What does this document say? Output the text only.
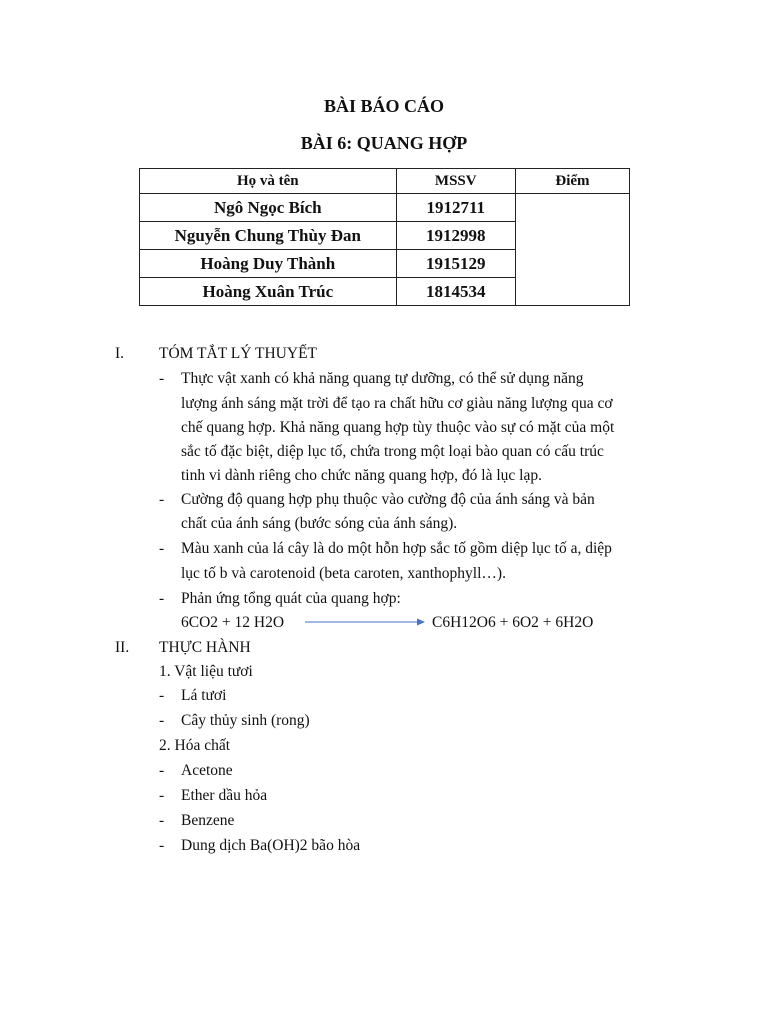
BÀI BÁO CÁO
BÀI 6: QUANG HỢP
Họ và tên	MSSV	Điểm
Ngô Ngọc Bích	1912711	
Nguyễn Chung Thùy Đan	1912998	
Hoàng Duy Thành	1915129	
Hoàng Xuân Trúc	1814534	
I. TÓM TẮT LÝ THUYẾT
- Thực vật xanh có khả năng quang tự dưỡng, có thể sử dụng năng
lượng ánh sáng mặt trời để tạo ra chất hữu cơ giàu năng lượng qua cơ
chế quang hợp. Khả năng quang hợp tùy thuộc vào sự có mặt của một
sắc tố đặc biệt, diệp lục tố, chứa trong một loại bào quan có cấu trúc
tinh vi dành riêng cho chức năng quang hợp, đó là lục lạp.
- Cường độ quang hợp phụ thuộc vào cường độ của ánh sáng và bản
chất của ánh sáng (bước sóng của ánh sáng).
- Màu xanh của lá cây là do một hỗn hợp sắc tố gồm diệp lục tố a, diệp
lục tố b và carotenoid (beta caroten, xanthophyll…).
- Phản ứng tổng quát của quang hợp:
6CO2 + 12 H2O	C6H12O6 + 6O2 + 6H2O
II. THỰC HÀNH
1. Vật liệu tươi
- Lá tươi
- Cây thủy sinh (rong)
2. Hóa chất
- Acetone
- Ether dầu hỏa
- Benzene
- Dung dịch Ba(OH)2 bão hòa
